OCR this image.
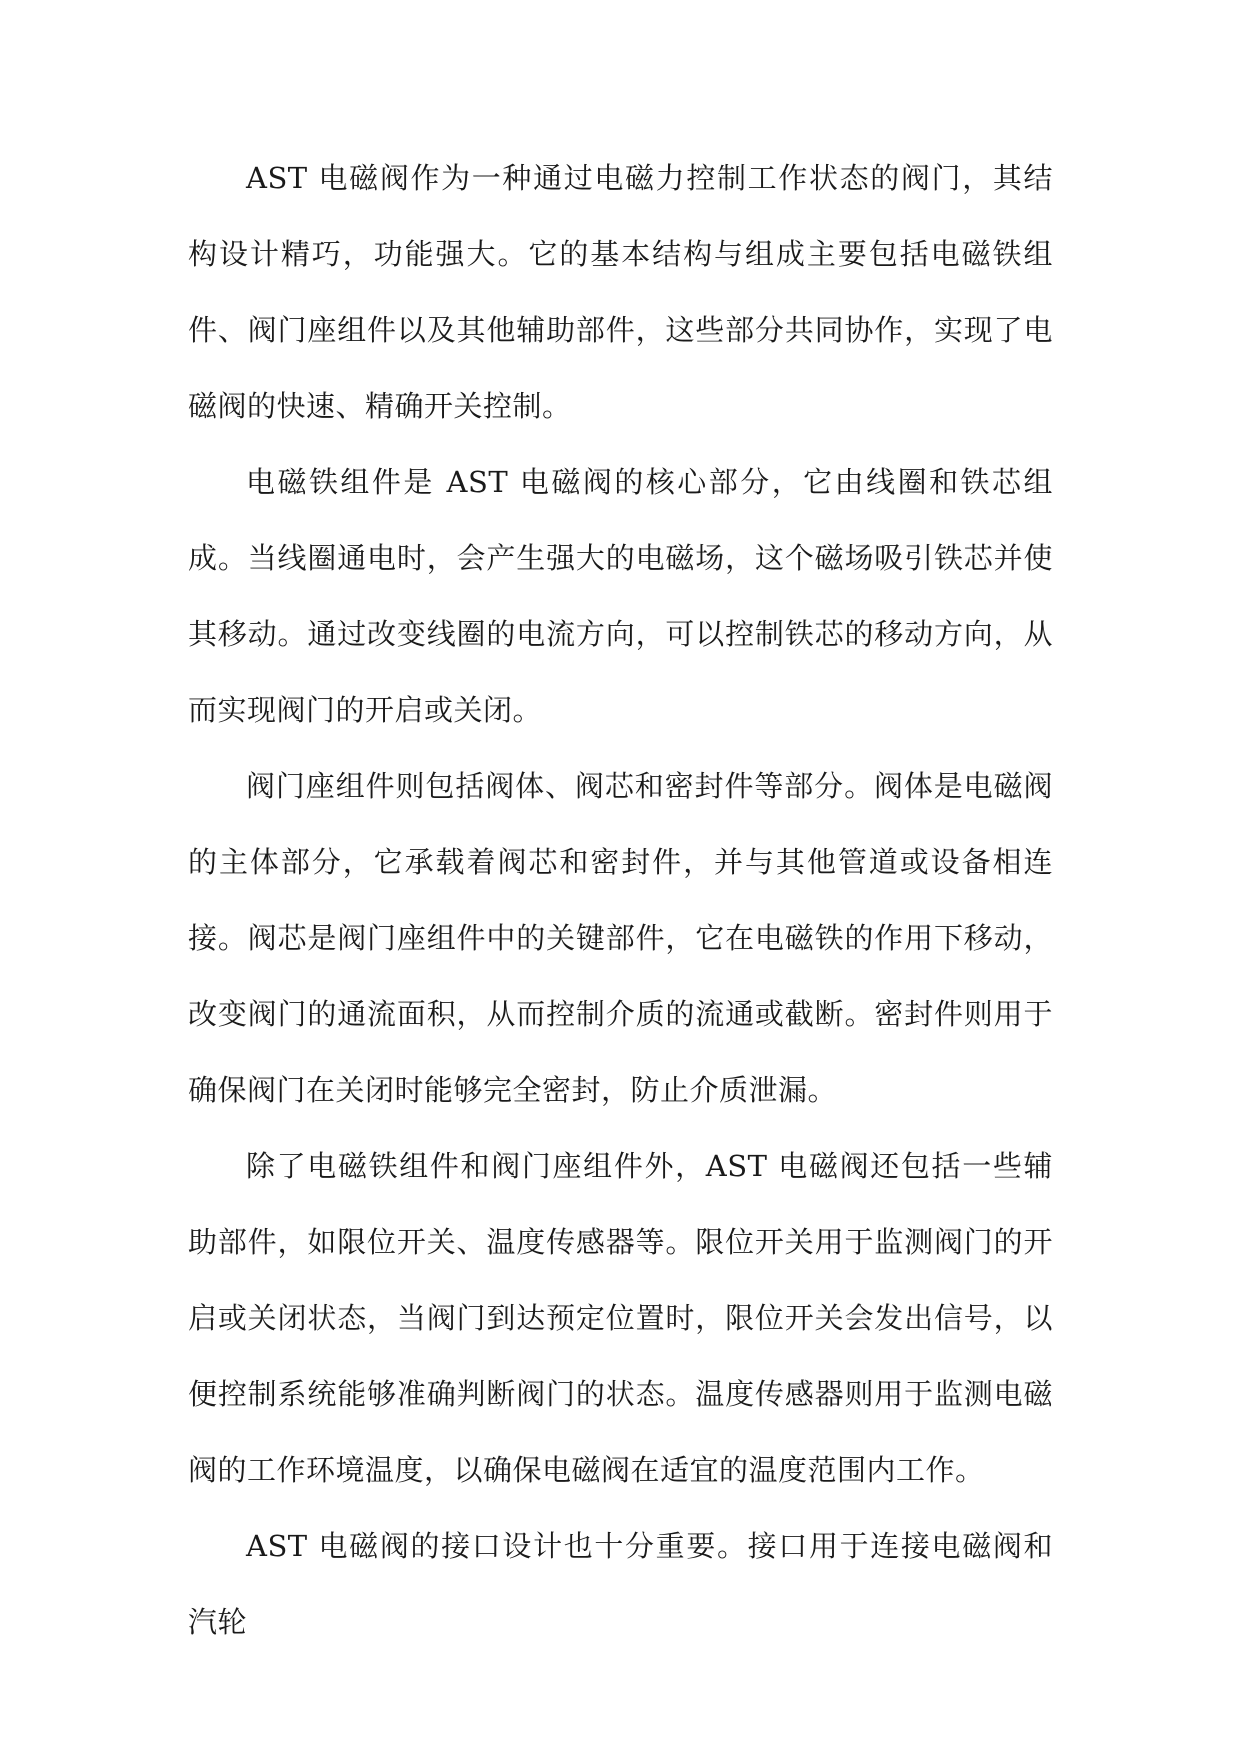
AST 电磁阀作为一种通过电磁力控制工作状态的阀门，其结构设计精巧，功能强大。它的基本结构与组成主要包括电磁铁组件、阀门座组件以及其他辅助部件，这些部分共同协作，实现了电磁阀的快速、精确开关控制。

电磁铁组件是 AST 电磁阀的核心部分，它由线圈和铁芯组成。当线圈通电时，会产生强大的电磁场，这个磁场吸引铁芯并使其移动。通过改变线圈的电流方向，可以控制铁芯的移动方向，从而实现阀门的开启或关闭。

阀门座组件则包括阀体、阀芯和密封件等部分。阀体是电磁阀的主体部分，它承载着阀芯和密封件，并与其他管道或设备相连接。阀芯是阀门座组件中的关键部件，它在电磁铁的作用下移动，改变阀门的通流面积，从而控制介质的流通或截断。密封件则用于确保阀门在关闭时能够完全密封，防止介质泄漏。

除了电磁铁组件和阀门座组件外，AST 电磁阀还包括一些辅助部件，如限位开关、温度传感器等。限位开关用于监测阀门的开启或关闭状态，当阀门到达预定位置时，限位开关会发出信号，以便控制系统能够准确判断阀门的状态。温度传感器则用于监测电磁阀的工作环境温度，以确保电磁阀在适宜的温度范围内工作。

AST 电磁阀的接口设计也十分重要。接口用于连接电磁阀和汽轮
